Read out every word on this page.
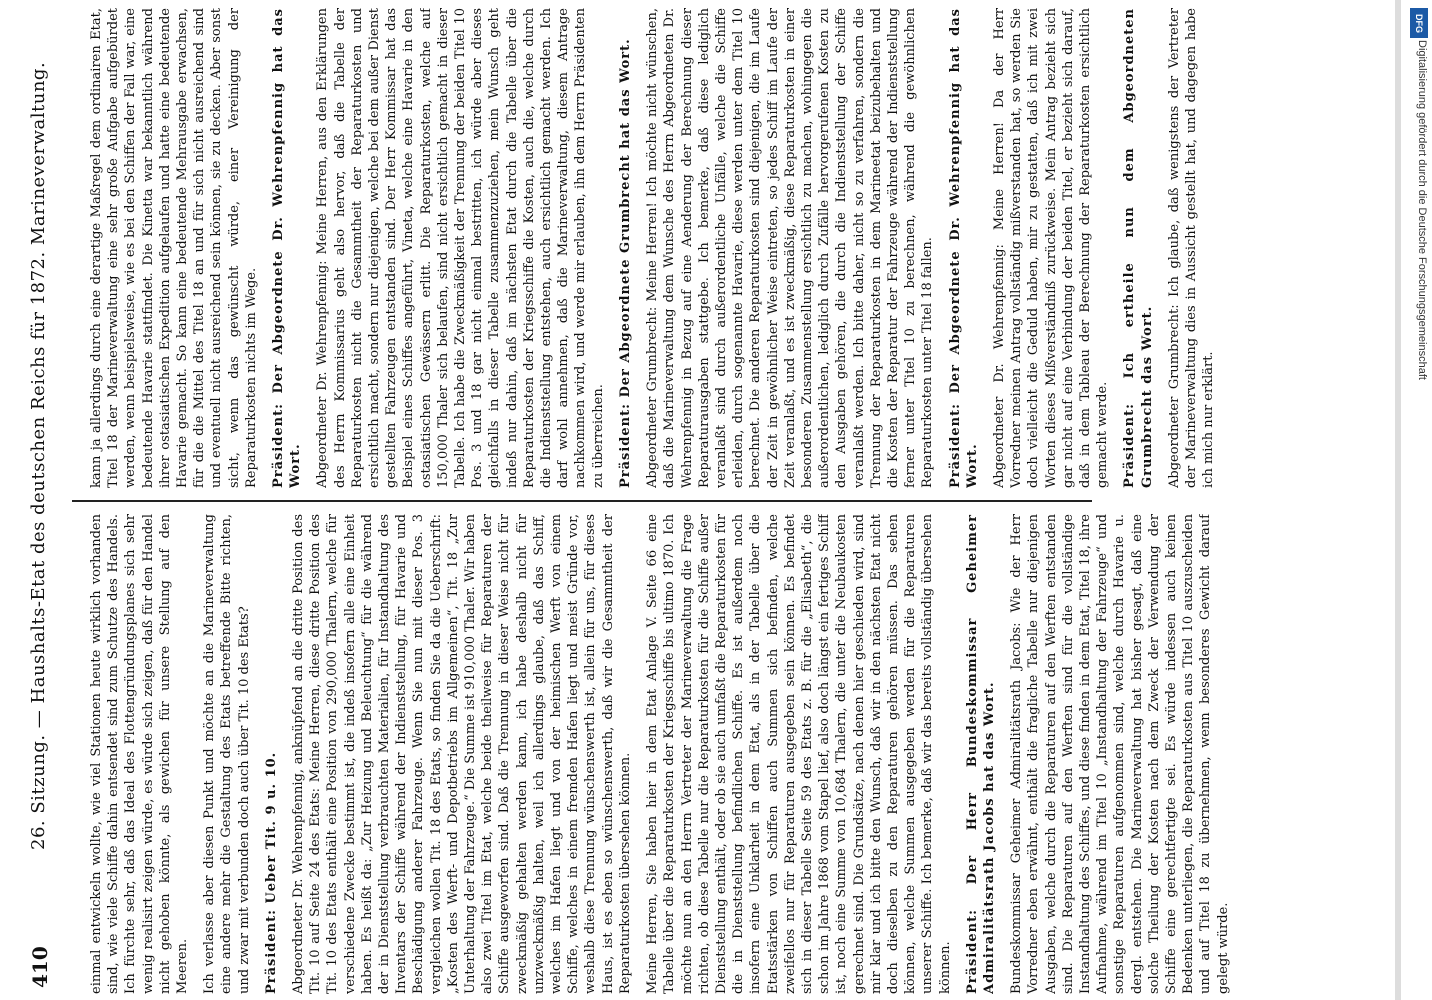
410
26. Sitzung. — Haushalts-Etat des deutschen Reichs für 1872. Marineverwaltung.	einmal entwickeln wollte, wie viel Stationen heute wirklich vorhanden sind, wie viele Schiffe dahin entsendet sind zum Schutze des Handels. Ich fürchte sehr, daß das Ideal des Flottengründungsplanes sich sehr wenig realisirt zeigen würde, es würde sich zeigen, daß für den Handel nicht gehoben könnte, als gewichen für unsere Stellung auf den Meeren. Ich verlasse aber diesen Punkt und möchte an die Marineverwaltung eine andere mehr die Gestaltung des Etats betreffende Bitte richten, und zwar mit verbunden doch auch über Tit. 10 des Etats? Präsident: Ueber Tit. 9 u. 10. Abgeordneter Dr. Wehrenpfennig, anknüpfend an die dritte Position des Tit. 10 auf Seite 24 des Etats: Meine Herren, diese dritte Position des Tit. 10 des Etats enthält eine Position von 290,000 Thalern, welche für verschiedene Zwecke bestimmt ist, die indeß insofern alle eine Einheit haben. Es heißt da: „Zur Heizung und Beleuchtung“ für die während der in Dienststellung verbrauchten Materialien, für Instandhaltung des Inventars der Schiffe während der Indienststellung, für Havarie und Beschädigung anderer Fahrzeuge. Wenn Sie nun mit dieser Pos. 3 vergleichen wollen Tit. 18 des Etats, so finden Sie da die Ueberschrift: „Kosten des Werft- und Depotbetriebs im Allgemeinen“, Tit. 18 „Zur Unterhaltung der Fahrzeuge.“ Die Summe ist 910,000 Thaler. Wir haben also zwei Titel im Etat, welche beide theilweise für Reparaturen der Schiffe ausgeworfen sind. Daß die Trennung in dieser Weise nicht für zweckmäßig gehalten werden kann, ich habe deshalb nicht für unzweckmäßig halten, weil ich allerdings glaube, daß das Schiff, welches im Hafen liegt und von der heimischen Werft von einem Schiffe, welches in einem fremden Hafen liegt und meist Gründe vor, weshalb diese Trennung wünschenswerth ist, allein für uns, für dieses Haus, ist es eben so wünschenswerth, daß wir die Gesammtheit der Reparaturkosten übersehen können. Meine Herren, Sie haben hier in dem Etat Anlage V. Seite 66 eine Tabelle über die Reparaturkosten der Kriegsschiffe bis ultimo 1870. Ich möchte nun an den Herrn Vertreter der Marineverwaltung die Frage richten, ob diese Tabelle nur die Reparaturkosten für die Schiffe außer Dienststellung enthält, oder ob sie auch umfaßt die Reparaturkosten für die in Dienststellung befindlichen Schiffe. Es ist außerdem noch insofern eine Unklarheit in dem Etat, als in der Tabelle über die Etatsstärken von Schiffen auch Summen sich befinden, welche zweifellos nur für Reparaturen ausgegeben sein können. Es befindet sich in dieser Tabelle Seite 59 des Etats z. B. für die „Elisabeth“, die schon im Jahre 1868 vom Stapel lief, also doch längst ein fertiges Schiff ist, noch eine Summe von 10,684 Thalern, die unter die Neubaukosten gerechnet sind. Die Grundsätze, nach denen hier geschieden wird, sind mir klar und ich bitte den Wunsch, daß wir in den nächsten Etat nicht doch dieselben zu den Reparaturen gehören müssen. Das sehen können, welche Summen ausgegeben werden für die Reparaturen unserer Schiffe. Ich bemerke, daß wir das bereits vollständig übersehen können. Präsident: Der Herr Bundeskommissar Geheimer Admiralitätsrath Jacobs hat das Wort. Bundeskommissar Geheimer Admiralitätsrath Jacobs: Wie der Herr Vorredner eben erwähnt, enthält die fragliche Tabelle nur diejenigen Ausgaben, welche durch die Reparaturen auf den Werften entstanden sind. Die Reparaturen auf den Werften sind für die vollständige Instandhaltung des Schiffes, und diese finden in dem Etat, Titel 18, ihre Aufnahme, während im Titel 10 „Instandhaltung der Fahrzeuge“ und sonstige Reparaturen aufgenommen sind, welche durch Havarie u. dergl. entstehen. Die Marineverwaltung hat bisher gesagt, daß eine solche Theilung der Kosten nach dem Zweck der Verwendung der Schiffe eine gerechtfertigte sei. Es würde indessen auch keinen Bedenken unterliegen, die Reparaturkosten aus Titel 10 auszuscheiden und auf Titel 18 zu übernehmen, wenn besonderes Gewicht darauf gelegt würde.

kann ja allerdings durch eine derartige Maßregel dem ordinairen Etat, Titel 18 der Marineverwaltung eine sehr große Aufgabe aufgebürdet werden, wenn beispielsweise, wie es bei den Schiffen der Fall war, eine bedeutende Havarie stattfindet. Die Kinetta war bekanntlich während ihrer ostasiatischen Expedition aufgelaufen und hatte eine bedeutende Havarie gemacht. So kann eine bedeutende Mehrausgabe erwachsen, für die die Mittel des Titel 18 an und für sich nicht ausreichend sind und eventuell nicht ausreichend sein können, sie zu decken. Aber sonst sicht, wenn das gewünscht würde, einer Vereinigung der Reparaturkosten nichts im Wege. Präsident: Der Abgeordnete Dr. Wehrenpfennig hat das Wort. Abgeordneter Dr. Wehrenpfennig: Meine Herren, aus den Erklärungen des Herrn Kommissarius geht also hervor, daß die Tabelle der Reparaturkosten nicht die Gesammtheit der Reparaturkosten und ersichtlich macht, sondern nur diejenigen, welche bei dem außer Dienst gestellten Fahrzeugen entstanden sind. Der Herr Kommissar hat das Beispiel eines Schiffes angeführt, Vineta, welche eine Havarie in den ostasiatischen Gewässern erlitt. Die Reparaturkosten, welche auf 150,000 Thaler sich belaufen, sind nicht ersichtlich gemacht in dieser Tabelle. Ich habe die Zweckmäßigkeit der Trennung der beiden Titel 10 Pos. 3 und 18 gar nicht einmal bestritten, ich würde aber dieses gleichfalls in dieser Tabelle zusammenzuziehen, mein Wunsch geht indeß nur dahin, daß im nächsten Etat durch die Tabelle über die Reparaturkosten der Kriegsschiffe die Kosten, auch die, welche durch die Indienststellung entstehen, auch ersichtlich gemacht werden. Ich darf wohl annehmen, daß die Marineverwaltung, diesem Antrage nachkommen wird, und werde mir erlauben, ihn dem Herrn Präsidenten zu überreichen. Präsident: Der Abgeordnete Grumbrecht hat das Wort. Abgeordneter Grumbrecht: Meine Herren! Ich möchte nicht wünschen, daß die Marineverwaltung dem Wunsche des Herrn Abgeordneten Dr. Wehrenpfennig in Bezug auf eine Aenderung der Berechnung dieser Reparaturausgaben stattgebe. Ich bemerke, daß diese lediglich veranlaßt sind durch außerordentliche Unfälle, welche die Schiffe erleiden, durch sogenannte Havarie, diese werden unter dem Titel 10 berechnet. Die anderen Reparaturkosten sind diejenigen, die im Laufe der Zeit in gewöhnlicher Weise eintreten, so jedes Schiff im Laufe der Zeit veranlaßt, und es ist zweckmäßig, diese Reparaturkosten in einer besonderen Zusammenstellung ersichtlich zu machen, wohingegen die außerordentlichen, lediglich durch Zufälle hervorgerufenen Kosten zu den Ausgaben gehören, die durch die Indienststellung der Schiffe veranlaßt werden. Ich bitte daher, nicht so zu verfahren, sondern die Trennung der Reparaturkosten in dem Marineetat beizubehalten und die Kosten der Reparatur der Fahrzeuge während der Indienststellung ferner unter Titel 10 zu berechnen, während die gewöhnlichen Reparaturkosten unter Titel 18 fallen. Präsident: Der Abgeordnete Dr. Wehrenpfennig hat das Wort. Abgeordneter Dr. Wehrenpfennig: Meine Herren! Da der Herr Vorredner meinen Antrag vollständig mißverstanden hat, so werden Sie doch vielleicht die Geduld haben, mir zu gestatten, daß ich mit zwei Worten dieses Mißverständniß zurückweise. Mein Antrag bezieht sich gar nicht auf eine Verbindung der beiden Titel, er bezieht sich darauf, daß in dem Tableau der Berechnung der Reparaturkosten ersichtlich gemacht werde. Präsident: Ich ertheile nun dem Abgeordneten Grumbrecht das Wort. Abgeordneter Grumbrecht: Ich glaube, daß wenigstens der Vertreter der Marineverwaltung dies in Aussicht gestellt hat, und dagegen habe ich mich nur erklärt.

DFG
Digitalisierung gefördert durch die Deutsche Forschungsgemeinschaft
